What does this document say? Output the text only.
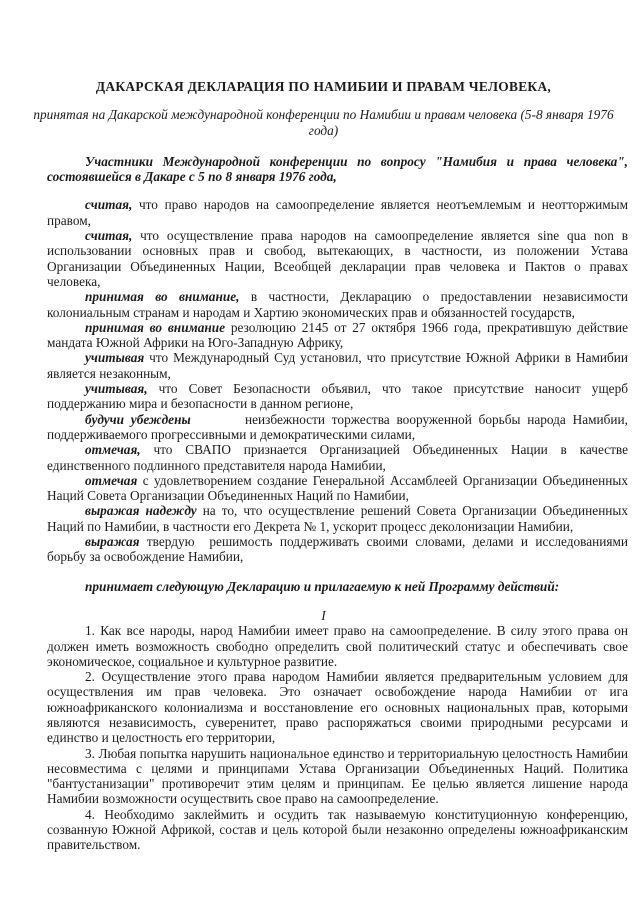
ДАКАРСКАЯ ДЕКЛАРАЦИЯ ПО НАМИБИИ И ПРАВАМ ЧЕЛОВЕКА,

принятая на Дакарской международной конференции по Намибии и правам человека (5-8 января 1976 года)

Участники Международной конференции по вопросу "Намибия и права человека", состоявшейся в Дакаре с 5 по 8 января 1976 года,

считая, что право народов на самоопределение является неотъемлемым и неотторжимым правом,

считая, что осуществление права народов на самоопределение является sine qua non в использовании основных прав и свобод, вытекающих, в частности, из положении Устава Организации Объединенных Нации, Всеобщей декларации прав человека и Пактов о правах человека,

принимая во внимание, в частности, Декларацию о предоставлении независимости колониальным странам и народам и Хартию экономических прав и обязанностей государств,

принимая во внимание резолюцию 2145 от 27 октября 1966 года, прекратившую действие мандата Южной Африки на Юго-Западную Африку,

учитывая что Международный Суд установил, что присутствие Южной Африки в Намибии является незаконным,

учитывая, что Совет Безопасности объявил, что такое присутствие наносит ущерб поддержанию мира и безопасности в данном регионе,

будучи убеждены        неизбежности торжества вооруженной борьбы народа Намибии, поддерживаемого прогрессивными и демократическими силами,

отмечая, что СВАПО признается Организацией Объединенных Нации в качестве единственного подлинного представителя народа Намибии,

отмечая с удовлетворением создание Генеральной Ассамблеей Организации Объединенных Наций Совета Организации Объединенных Наций по Намибии,

выражая надежду на то, что осуществление решений Совета Организации Объединенных Наций по Намибии, в частности его Декрета № 1, ускорит процесс деколонизации Намибии,

выражая твердую  решимость поддерживать своими словами, делами и исследованиями борьбу за освобождение Намибии,

принимает следующую Декларацию и прилагаемую к ней Программу действий:

I

1. Как все народы, народ Намибии имеет право на самоопределение. В силу этого права он должен иметь возможность свободно определить свой политический статус и обеспечивать свое экономическое, социальное и культурное развитие.

2. Осуществление этого права народом Намибии является предварительным условием для осуществления им прав человека. Это означает освобождение народа Намибии от ига южноафриканского колониализма и восстановление его основных национальных прав, которыми являются независимость, суверенитет, право распоряжаться своими природными ресурсами и единство и целостность его территории,

3. Любая попытка нарушить национальное единство и территориальную целостность Намибии несовместима с целями и принципами Устава Организации Объединенных Наций. Политика "бантустанизации" противоречит этим целям и принципам. Ее целью является лишение народа Намибии возможности осуществить свое право на самоопределение.

4. Необходимо заклеймить и осудить так называемую конституционную конференцию, созванную Южной Африкой, состав и цель которой были незаконно определены южноафриканским правительством.
